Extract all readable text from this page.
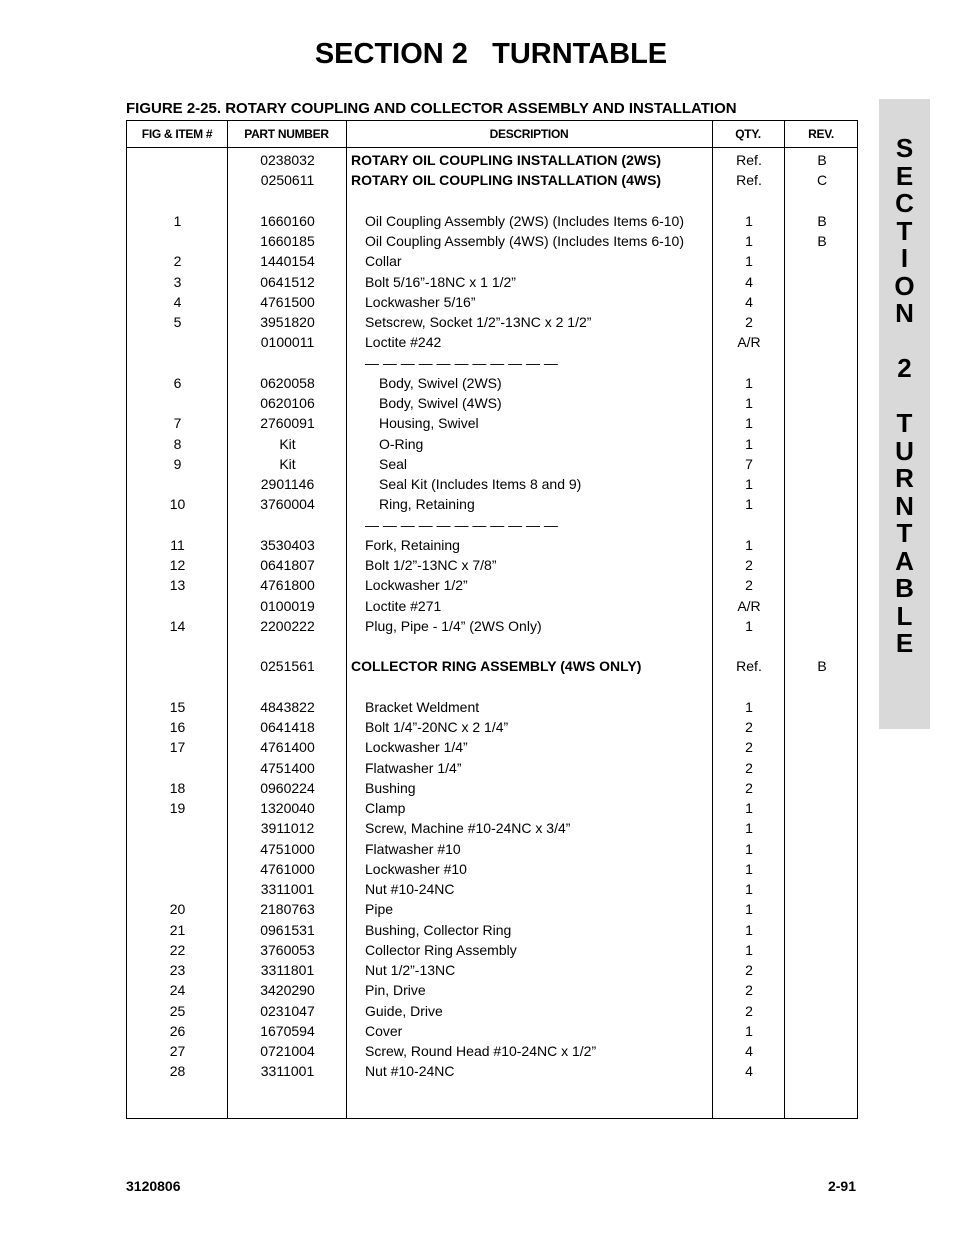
SECTION 2   TURNTABLE
FIGURE 2-25. ROTARY COUPLING AND COLLECTOR ASSEMBLY AND INSTALLATION
FIG & ITEM #	PART NUMBER	DESCRIPTION	QTY.	REV.
0238032	ROTARY OIL COUPLING INSTALLATION (2WS)	Ref.	B
0250611	ROTARY OIL COUPLING INSTALLATION (4WS)	Ref.	C
1	1660160	Oil Coupling Assembly (2WS) (Includes Items 6-10)	1	B
1660185	Oil Coupling Assembly (4WS) (Includes Items 6-10)	1	B
2	1440154	Collar	1
3	0641512	Bolt 5/16”-18NC x 1 1/2”	4
4	4761500	Lockwasher 5/16”	4
5	3951820	Setscrew, Socket 1/2”-13NC x 2 1/2”	2
0100011	Loctite #242	A/R
— — — — — — — — — — —
6	0620058	Body, Swivel (2WS)	1
0620106	Body, Swivel (4WS)	1
7	2760091	Housing, Swivel	1
8	Kit	O-Ring	1
9	Kit	Seal	7
2901146	Seal Kit (Includes Items 8 and 9)	1
10	3760004	Ring, Retaining	1
— — — — — — — — — — —
11	3530403	Fork, Retaining	1
12	0641807	Bolt 1/2”-13NC x 7/8”	2
13	4761800	Lockwasher 1/2”	2
0100019	Loctite #271	A/R
14	2200222	Plug, Pipe - 1/4” (2WS Only)	1
0251561	COLLECTOR RING ASSEMBLY (4WS ONLY)	Ref.	B
15	4843822	Bracket Weldment	1
16	0641418	Bolt 1/4”-20NC x 2 1/4”	2
17	4761400	Lockwasher 1/4”	2
4751400	Flatwasher 1/4”	2
18	0960224	Bushing	2
19	1320040	Clamp	1
3911012	Screw, Machine #10-24NC x 3/4”	1
4751000	Flatwasher #10	1
4761000	Lockwasher #10	1
3311001	Nut #10-24NC	1
20	2180763	Pipe	1
21	0961531	Bushing, Collector Ring	1
22	3760053	Collector Ring Assembly	1
23	3311801	Nut 1/2”-13NC	2
24	3420290	Pin, Drive	2
25	0231047	Guide, Drive	2
26	1670594	Cover	1
27	0721004	Screw, Round Head #10-24NC x 1/2”	4
28	3311001	Nut #10-24NC	4
S
E
C
T
I
O
N
2
T
U
R
N
T
A
B
L
E
3120806	2-91
